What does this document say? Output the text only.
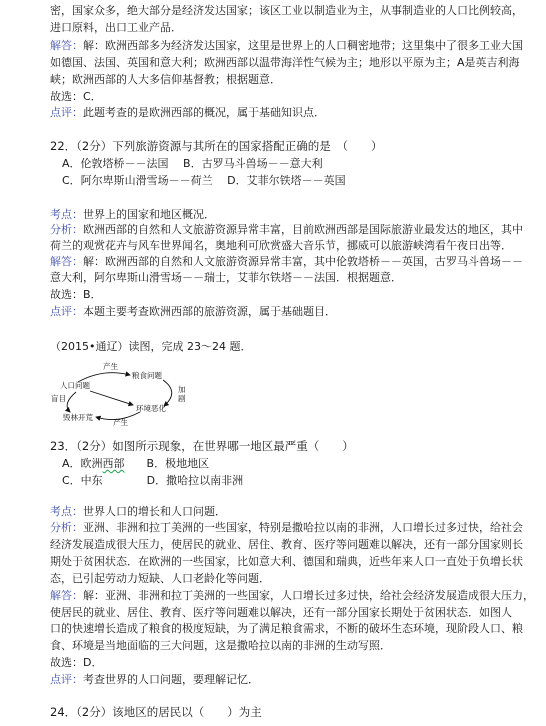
密，国家众多，绝大部分是经济发达国家；该区工业以制造业为主，从事制造业的人口比例较高，
进口原料，出口工业产品．
解答：解：欧洲西部多为经济发达国家，这里是世界上的人口稠密地带；这里集中了很多工业大国
如德国、法国、英国和意大利；欧洲西部以温带海洋性气候为主；地形以平原为主；A是英吉利海
峡；欧洲西部的人大多信仰基督教；根据题意．
故选：C．
点评：此题考查的是欧洲西部的概况，属于基础知识点．
22．（2分）下列旅游资源与其所在的国家搭配正确的是　（　　）
A．伦敦塔桥－－法国　 B．古罗马斗兽场－－意大利
C．阿尔卑斯山滑雪场－－荷兰　 D．艾菲尔铁塔－－英国
考点：世界上的国家和地区概况．
分析：欧洲西部的自然和人文旅游资源异常丰富，目前欧洲西部是国际旅游业最发达的地区，其中
荷兰的观赏花卉与风车世界闻名，奥地利可欣赏盛大音乐节，挪威可以旅游峡湾看午夜日出等．
解答：解：欧洲西部的自然和人文旅游资源异常丰富，其中伦敦塔桥－－英国，古罗马斗兽场－－
意大利，阿尔卑斯山滑雪场－－瑞士，艾菲尔铁塔－－法国．根据题意．
故选：B．
点评：本题主要考查欧洲西部的旅游资源，属于基础题目．
（2015•通辽）读图，完成 23～24 题．
产生
粮食问题
人口问题
盲目
加
剧
毁林开荒
环境恶化
产生
23．（2分）如图所示现象，在世界哪一地区最严重（　　）
A．欧洲西部　　B．极地地区
C．中东　　　　D．撒哈拉以南非洲
考点：世界人口的增长和人口问题．
分析：亚洲、非洲和拉丁美洲的一些国家，特别是撒哈拉以南的非洲，人口增长过多过快，给社会
经济发展造成很大压力，使居民的就业、居住、教育、医疗等问题难以解决，还有一部分国家则长
期处于贫困状态．在欧洲的一些国家，比如意大利、德国和瑞典，近些年来人口一直处于负增长状
态，已引起劳动力短缺、人口老龄化等问题．
解答：解：亚洲、非洲和拉丁美洲的一些国家，人口增长过多过快，给社会经济发展造成很大压力，
使居民的就业、居住、教育、医疗等问题难以解决，还有一部分国家长期处于贫困状态．如图人
口的快速增长造成了粮食的极度短缺，为了满足粮食需求，不断的破坏生态环境，现阶段人口、粮
食、环境是当地面临的三大问题，这是撒哈拉以南的非洲的生动写照．
故选：D．
点评：考查世界的人口问题，要理解记忆．
24．（2分）该地区的居民以（　　）为主
